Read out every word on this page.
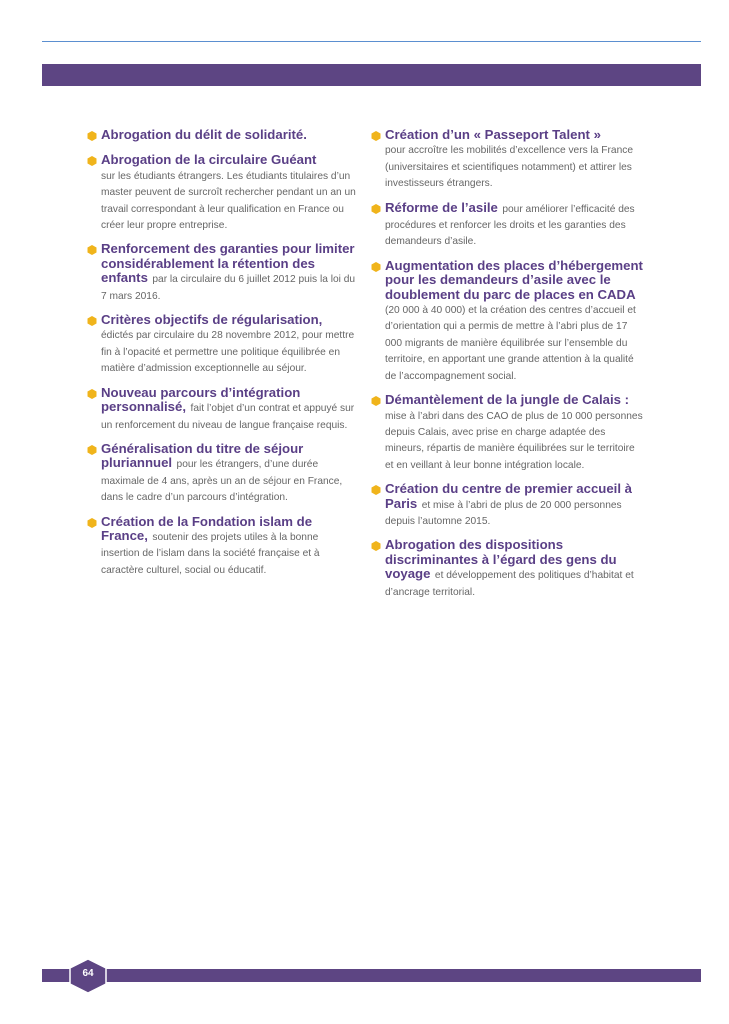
Abrogation du délit de solidarité.

Abrogation de la circulaire Guéant
sur les étudiants étrangers. Les étudiants titulaires d’un master peuvent de surcroît rechercher pendant un an un travail correspondant à leur qualification en France ou créer leur propre entreprise.

Renforcement des garanties pour limiter considérablement la rétention des enfants par la circulaire du 6 juillet 2012 puis la loi du 7 mars 2016.

Critères objectifs de régularisation,
édictés par circulaire du 28 novembre 2012, pour mettre fin à l’opacité et permettre une politique équilibrée en matière d’admission exceptionnelle au séjour.

Nouveau parcours d’intégration personnalisé, fait l’objet d’un contrat et appuyé sur un renforcement du niveau de langue française requis.

Généralisation du titre de séjour pluriannuel pour les étrangers, d’une durée maximale de 4 ans, après un an de séjour en France, dans le cadre d’un parcours d’intégration.

Création de la Fondation islam de France, soutenir des projets utiles à la bonne insertion de l’islam dans la société française et à caractère culturel, social ou éducatif.

Création d’un « Passeport Talent »
pour accroître les mobilités d’excellence vers la France (universitaires et scientifiques notamment) et attirer les investisseurs étrangers.

Réforme de l’asile pour améliorer l’efficacité des procédures et renforcer les droits et les garanties des demandeurs d’asile.

Augmentation des places d’hébergement pour les demandeurs d’asile avec le doublement du parc de places en CADA (20 000 à 40 000) et la création des centres d’accueil et d’orientation qui a permis de mettre à l’abri plus de 17 000 migrants de manière équilibrée sur l’ensemble du territoire, en apportant une grande attention à la qualité de l’accompagnement social.

Démantèlement de la jungle de Calais : mise à l’abri dans des CAO de plus de 10 000 personnes depuis Calais, avec prise en charge adaptée des mineurs, répartis de manière équilibrées sur le territoire et en veillant à leur bonne intégration locale.

Création du centre de premier accueil à Paris et mise à l’abri de plus de 20 000 personnes depuis l’automne 2015.

Abrogation des dispositions discriminantes à l’égard des gens du voyage et développement des politiques d’habitat et d’ancrage territorial.

64
